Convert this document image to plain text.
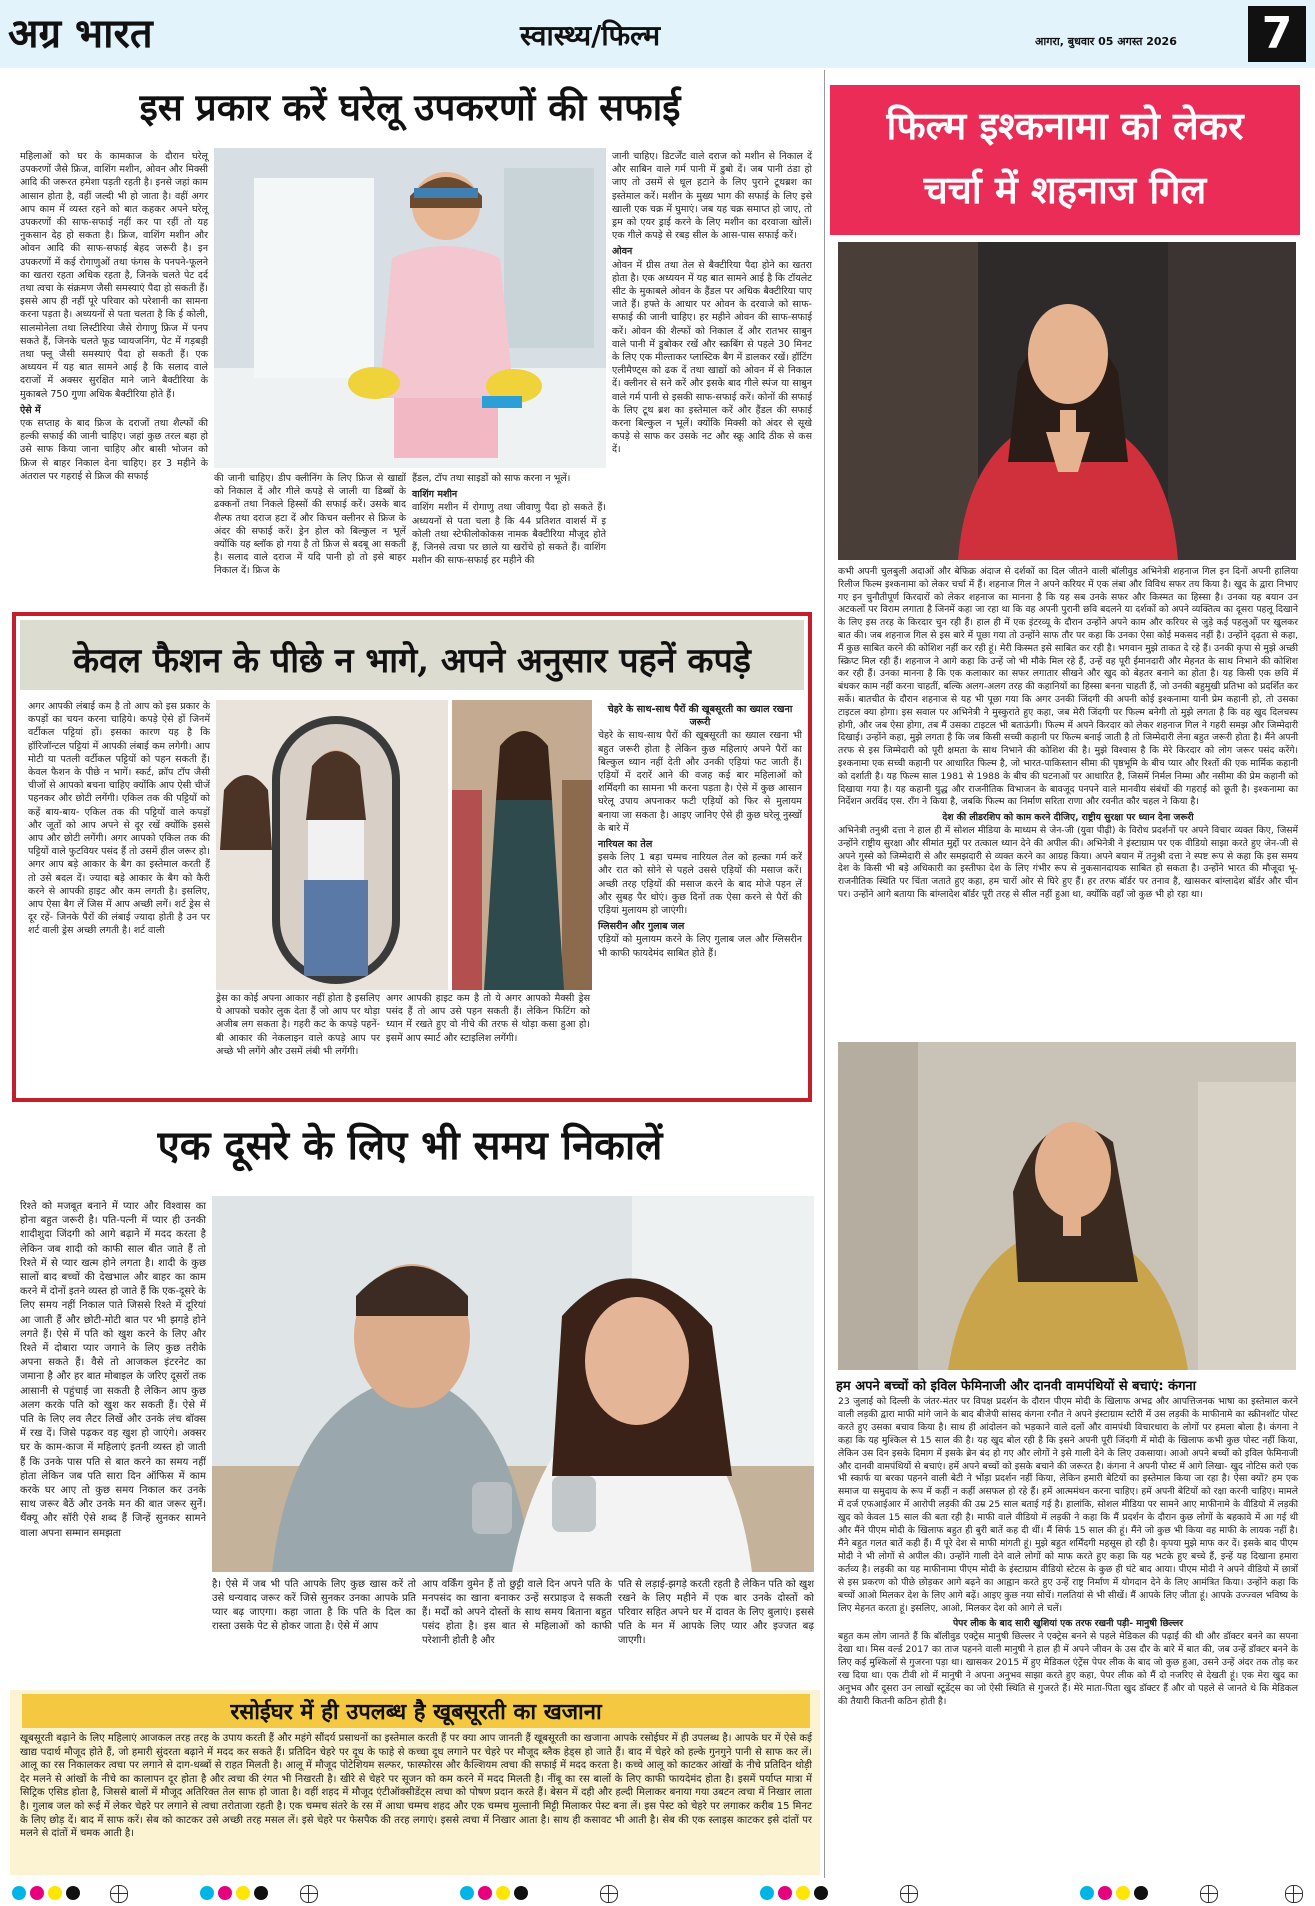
अग्र भारत	स्वास्थ्य/फिल्म	आगरा, बुधवार 05 अगस्त 2026	7
इस प्रकार करें घरेलू उपकरणों की सफाई
महिलाओं को घर के कामकाज के दौरान घरेलू उपकरणों जैसे फ्रिज, वाशिंग मशीन, ओवन और मिक्सी आदि की जरूरत हमेशा पड़ती रहती है। इनसे जहां काम आसान होता है, वहीं जल्दी भी हो जाता है। वहीं अगर आप काम में व्यस्त रहने को बात कहकर अपने घरेलू उपकरणों की साफ-सफाई नहीं कर पा रहीं तो यह नुकसान देह हो सकता है। फ्रिज, वाशिंग मशीन और ओवन आदि की साफ-सफाई बेहद जरूरी है। इन उपकरणों में कई रोगाणुओं तथा फंगस के पनपने-फूलने का खतरा रहता अधिक रहता है, जिनके चलते पेट दर्द तथा त्वचा के संक्रमण जैसी समस्याएं पैदा हो सकती हैं। इससे आप ही नहीं पूरे परिवार को परेशानी का सामना करना पड़ता है। अध्ययनों से पता चलता है कि ई कोली, सालमोनेला तथा लिस्टीरिया जैसे रोगाणु फ्रिज में पनप सकते हैं, जिनके चलते फूड प्वायजनिंग, पेट में गड़बड़ी तथा फ्लू जैसी समस्याएं पैदा हो सकती हैं। एक अध्ययन में यह बात सामने आई है कि सलाद वाले दराजों में अक्सर सुरक्षित माने जाने बैक्टीरिया के मुकाबले 750 गुणा अधिक बैक्टीरिया होते हैं।
ऐसे में
एक सप्ताह के बाद फ्रिज के दराजों तथा शैल्फों की हल्की सफाई की जानी चाहिए। जहां कुछ तरल बहा हो उसे साफ किया जाना चाहिए और बासी भोजन को फ्रिज से बाहर निकाल देना चाहिए। हर 3 महीने के अंतराल पर गहराई से फ्रिज की सफाई	की जानी चाहिए। डीप क्लीनिंग के लिए फ्रिज से खाद्यों को निकाल दें और गीले कपड़े से जाली या डिब्बों के ढक्कनों तथा निकले हिस्सों की सफाई करें। उसके बाद शैल्फ तथा दराज हटा दें और किचन क्लीनर से फ्रिज के अंदर की सफाई करें। ड्रेन होल को बिल्कुल न भूलें क्योंकि यह ब्लॉक हो गया है तो फ्रिज से बदबू आ सकती है। सलाद वाले दराज में यदि पानी हो तो इसे बाहर निकाल दें। फ्रिज के
हैंडल, टॉप तथा साइडों को साफ करना न भूलें।
वाशिंग मशीन
वाशिंग मशीन में रोगाणु तथा जीवाणु पैदा हो सकते हैं। अध्ययनों से पता चला है कि 44 प्रतिशत वाशर्स में इ कोली तथा स्टेफीलोकोकस नामक बैक्टीरिया मौजूद होते हैं, जिनसे त्वचा पर छाले या खरोंचे हो सकते हैं। वाशिंग मशीन की साफ-सफाई हर महीने की
जानी चाहिए। डिटर्जेंट वाले दराज को मशीन से निकाल दें और साबिन वाले गर्म पानी में डुबो दें। जब पानी ठंडा हो जाए तो उसमें से धूल हटाने के लिए पुराने टूथब्रश का इस्तेमाल करें। मशीन के मुख्य भाग की सफाई के लिए इसे खाली एक चक्र में घुमाएं। जब यह चक्र समाप्त हो जाए, तो ड्रम को एयर ड्राई करने के लिए मशीन का दरवाजा खोलें। एक गीले कपड़े से रबड़ सील के आस-पास सफाई करें।
ओवन
ओवन में ग्रीस तथा तेल से बैक्टीरिया पैदा होने का खतरा होता है। एक अध्ययन में यह बात सामने आई है कि टॉयलेट सीट के मुकाबले ओवन के हैंडल पर अधिक बैक्टीरिया पाए जाते हैं। हफ्ते के आधार पर ओवन के दरवाजे को साफ-सफाई की जानी चाहिए। हर महीने ओवन की साफ-सफाई करें। ओवन की शैल्फों को निकाल दें और रातभर साबुन वाले पानी में डुबोकर रखें और स्क्रबिंग से पहले 30 मिनट के लिए एक मील्ताकर प्लास्टिक बैग में डालकर रखें। हॉटिंग एलीमैण्ट्स को ढक दें तथा खाद्यों को ओवन में से निकाल दें। क्लीनर से सने करें और इसके बाद गीले स्पंज या साबुन वाले गर्म पानी से इसकी साफ-सफाई करें। कोनों की सफाई के लिए टूथ ब्रश का इस्तेमाल करें और हैंडल की सफाई करना बिल्कुल न भूलें। क्योंकि मिक्सी को अंदर से सूखे कपड़े से साफ कर उसके नट और स्क्रू आदि ठीक से कस दें।
फिल्म इश्कनामा को लेकर
चर्चा में शहनाज गिल
कभी अपनी चुलबुली अदाओं और बेफिक्र अंदाज से दर्शकों का दिल जीतने वाली बॉलीवुड अभिनेत्री शहनाज गिल इन दिनों अपनी हालिया रिलीज फिल्म इश्कनामा को लेकर चर्चा में हैं। शहनाज गिल ने अपने करियर में एक लंबा और विविध सफर तय किया है। खुद के द्वारा निभाए गए इन चुनौतीपूर्ण किरदारों को लेकर शहनाज का मानना है कि यह सब उनके सफर और किस्मत का हिस्सा है। उनका यह बयान उन अटकलों पर विराम लगाता है जिनमें कहा जा रहा था कि वह अपनी पुरानी छवि बदलने या दर्शकों को अपने व्यक्तित्व का दूसरा पहलू दिखाने के लिए इस तरह के किरदार चुन रही हैं। हाल ही में एक इंटरव्यू के दौरान उन्होंने अपने काम और करियर से जुड़े कई पहलुओं पर खुलकर बात की। जब शहनाज गिल से इस बारे में पूछा गया तो उन्होंने साफ तौर पर कहा कि उनका ऐसा कोई मकसद नहीं है। उन्होंने दृढ़ता से कहा, मैं कुछ साबित करने की कोशिश नहीं कर रही हूं। मेरी किस्मत इसे साबित कर रही है। भगवान मुझे ताकत दे रहे हैं। उनकी कृपा से मुझे अच्छी स्क्रिप्ट मिल रही हैं। शहनाज ने आगे कहा कि उन्हें जो भी मौके मिल रहे हैं, उन्हें वह पूरी ईमानदारी और मेहनत के साथ निभाने की कोशिश कर रही हैं। उनका मानना है कि एक कलाकार का सफर लगातार सीखने और खुद को बेहतर बनाने का होता है। यह किसी एक छवि में बंधकर काम नहीं करना चाहतीं, बल्कि अलग-अलग तरह की कहानियों का हिस्सा बनना चाहती हैं, जो उनकी बहुमुखी प्रतिभा को प्रदर्शित कर सकें। बातचीत के दौरान शहनाज से यह भी पूछा गया कि अगर उनकी जिंदगी की अपनी कोई इश्कनामा यानी प्रेम कहानी हो, तो उसका टाइटल क्या होगा। इस सवाल पर अभिनेत्री ने मुस्कुराते हुए कहा, जब मेरी जिंदगी पर फिल्म बनेगी तो मुझे लगता है कि वह खुद दिलचस्प होगी, और जब ऐसा होगा, तब मैं उसका टाइटल भी बताऊंगी। फिल्म में अपने किरदार को लेकर शहनाज गिल ने गहरी समझ और जिम्मेदारी दिखाई। उन्होंने कहा, मुझे लगता है कि जब किसी सच्ची कहानी पर फिल्म बनाई जाती है तो जिम्मेदारी लेना बहुत जरूरी होता है। मैंने अपनी तरफ से इस जिम्मेदारी को पूरी क्षमता के साथ निभाने की कोशिश की है। मुझे विश्वास है कि मेरे किरदार को लोग जरूर पसंद करेंगे। इश्कनामा एक सच्ची कहानी पर आधारित फिल्म है, जो भारत-पाकिस्तान सीमा की पृष्ठभूमि के बीच प्यार और रिश्तों की एक मार्मिक कहानी को दर्शाती है। यह फिल्म साल 1981 से 1988 के बीच की घटनाओं पर आधारित है, जिसमें निर्मल निम्मा और नसीमा की प्रेम कहानी को दिखाया गया है। यह कहानी युद्ध और राजनीतिक विभाजन के बावजूद पनपने वाले मानवीय संबंधों की गहराई को छूती है। इश्कनामा का निर्देशन अरविंद एस. राँग ने किया है, जबकि फिल्म का निर्माण सरिता राणा और रवनीत कौर चहल ने किया है।
देश की लीडरशिप को काम करने दीजिए, राष्ट्रीय सुरक्षा पर ध्यान देना जरूरी
अभिनेत्री तनुश्री दत्ता ने हाल ही में सोशल मीडिया के माध्यम से जेन-जी (युवा पीढ़ी) के विरोध प्रदर्शनों पर अपने विचार व्यक्त किए, जिसमें उन्होंने राष्ट्रीय सुरक्षा और सीमांत मुद्दों पर तत्काल ध्यान देने की अपील की। अभिनेत्री ने इंस्टाग्राम पर एक वीडियो साझा करते हुए जेन-जी से अपने गुस्से को जिम्मेदारी से और समझदारी से व्यक्त करने का आग्रह किया। अपने बयान में तनुश्री दत्ता ने स्पष्ट रूप से कहा कि इस समय देश के किसी भी बड़े अधिकारी का इस्तीफा देश के लिए गंभीर रूप से नुकसानदायक साबित हो सकता है। उन्होंने भारत की मौजूदा भू-राजनीतिक स्थिति पर चिंता जताते हुए कहा, हम चारों ओर से घिरे हुए हैं। हर तरफ बॉर्डर पर तनाव है, खासकर बांग्लादेश बॉर्डर और चीन पर। उन्होंने आगे बताया कि बांग्लादेश बॉर्डर पूरी तरह से सील नहीं हुआ था, क्योंकि वहाँ जो कुछ भी हो रहा था।
हम अपने बच्चों को इविल फेमिनाजी और दानवी वामपंथियों से बचाएं: कंगना
23 जुलाई को दिल्ली के जंतर-मंतर पर विपक्ष प्रदर्शन के दौरान पीएम मोदी के खिलाफ अभद्र और आपत्तिजनक भाषा का इस्तेमाल करने वाली लड़की द्वारा माफी मांगे जाने के बाद बीजेपी सांसद कंगना रनौत ने अपने इंस्टाग्राम स्टोरी में उस लड़की के माफीनामे का स्क्रीनशॉट पोस्ट करते हुए उसका बचाव किया है। साथ ही आंदोलन को भड़काने वाले दलों और वामपंथी विचारधारा के लोगों पर हमला बोला है। कंगना ने कहा कि यह मुश्किल से 15 साल की है। यह खुद बोल रही है कि इसने अपनी पूरी जिंदगी में मोदी के खिलाफ कभी कुछ पोस्ट नहीं किया, लेकिन उस दिन इसके दिमाग में इसके ब्रेन बंद हो गए और लोगों ने इसे गाली देने के लिए उकसाया। आओ अपने बच्चों को इविल फेमिनाजी और दानवी वामपंथियों से बचाएं। हमें अपने बच्चों को इसके बचाने की जरूरत है। कंगना ने अपनी पोस्ट में आगे लिखा- खुद नोटिस करो एक भी स्कार्फ या बरका पहनने वाली बेटी ने भोंड़ा प्रदर्शन नहीं किया, लेकिन हमारी बेटियों का इस्तेमाल किया जा रहा है। ऐसा क्यों? हम एक समाज या समुदाय के रूप में कहीं न कहीं असफल हो रहे हैं। हमें आत्ममंथन करना चाहिए। हमें अपनी बेटियों को रक्षा करनी चाहिए। मामले में दर्ज एफआईआर में आरोपी लड़की की उम्र 25 साल बताई गई है। हालांकि, सोशल मीडिया पर सामने आए माफीनामे के वीडियो में लड़की खुद को केवल 15 साल की बता रही है। माफी वाले वीडियो में लड़की ने कहा कि मैं प्रदर्शन के दौरान कुछ लोगों के बहकावे में आ गई थी और मैंने पीएम मोदी के खिलाफ बहुत ही बुरी बातें कह दी थीं। मैं सिर्फ 15 साल की हूं। मैंने जो कुछ भी किया वह माफी के लायक नहीं है। मैंने बहुत गलत बातें कही हैं। मैं पूरे देश से माफी मांगती हूं। मुझे बहुत शर्मिंदगी महसूस हो रही है। कृपया मुझे माफ कर दें। इसके बाद पीएम मोदी ने भी लोगों से अपील की। उन्होंने गाली देने वाले लोगों को माफ करते हुए कहा कि यह भटके हुए बच्चे हैं, इन्हें यह दिखाना हमारा कर्तव्य है। लड़की का यह माफीनामा पीएम मोदी के इंस्टाग्राम वीडियो स्टेटस के कुछ ही घंटे बाद आया। पीएम मोदी ने अपने वीडियो में छात्रों से इस प्रकरण को पीछे छोड़कर आगे बढ़ने का आह्वान करते हुए उन्हें राष्ट्र निर्माण में योगदान देने के लिए आमंत्रित किया। उन्होंने कहा कि बच्चों आओ मिलकर देश के लिए आगे बढ़ें। आइए कुछ नया सोचें। गलतियां से भी सीखें। मैं आपके लिए जीता हूं। आपके उज्ज्वल भविष्य के लिए मेहनत करता हूं। इसलिए, आओ, मिलकर देश को आगे ले चलें।
पेपर लीक के बाद सारी खुशियां एक तरफ रखनी पड़ी- मानुषी छिल्लर
बहुत कम लोग जानते हैं कि बॉलीवुड एक्ट्रेस मानुषी छिल्लर ने एक्ट्रेस बनने से पहले मेडिकल की पढ़ाई की थी और डॉक्टर बनने का सपना देखा था। मिस वर्ल्ड 2017 का ताज पहनने वाली मानुषी ने हाल ही में अपने जीवन के उस दौर के बारे में बात की, जब उन्हें डॉक्टर बनने के लिए कई मुश्किलों से गुजरना पड़ा था। खासकर 2015 में हुए मेडिकल एंट्रेंस पेपर लीक के बाद जो कुछ हुआ, उसने उन्हें अंदर तक तोड़ कर रख दिया था। एक टीवी शो में मानुषी ने अपना अनुभव साझा करते हुए कहा, पेपर लीक को मैं दो नजरिए से देखती हूं। एक मेरा खुद का अनुभव और दूसरा उन लाखों स्टूडेंट्स का जो ऐसी स्थिति से गुजरते हैं। मेरे माता-पिता खुद डॉक्टर हैं और वो पहले से जानते थे कि मेडिकल की तैयारी कितनी कठिन होती है।
केवल फैशन के पीछे न भागे, अपने अनुसार पहनें कपड़े
अगर आपकी लंबाई कम है तो आप को इस प्रकार के कपड़ों का चयन करना चाहिये। कपड़े ऐसे हों जिनमें वर्टीकल पट्टियां हों। इसका कारण यह है कि हॉरिजॉन्टल पट्टियां में आपकी लंबाई कम लगेगी। आप मोटी या पतली वर्टीकल पट्टियों को पहन सकती हैं। केवल फैशन के पीछे न भागें। स्कर्ट, क्रॉप टॉप जैसी चीजों से आपको बचना चाहिए क्योंकि आप ऐसी चीजें पहनकर और छोटी लगेंगी। एकिल तक की पट्टियों को कहें बाय-बाय- एकिल तक की पट्टियों वाले कपड़ों और जूतों को आप अपने से दूर रखें क्योंकि इससे आप और छोटी लगेंगी। अगर आपको एकिल तक की पट्टियों वाले फुटवियर पसंद हैं तो उसमें हील जरूर हो। अगर आप बड़े आकार के बैग का इस्तेमाल करती हैं तो उसे बदल दें। ज्यादा बड़े आकार के बैग को कैरी करने से आपकी हाइट और कम लगती है। इसलिए, आप ऐसा बैग लें जिस में आप अच्छी लगें। शर्ट ड्रेस से दूर रहें- जिनके पैरों की लंबाई ज्यादा होती है उन पर शर्ट वाली ड्रेस अच्छी लगती है। शर्ट वाली
ड्रेस का कोई अपना आकार नहीं होता है इसलिए ये आपको चकोर लुक देता हैं जो आप पर थोड़ा अजीब लग सकता है। गहरी कट के कपड़े पहनें- बी आकार की नेकलाइन वाले कपड़े आप पर अच्छे भी लगेंगे और उसमें लंबी भी लगेंगी।
अगर आपकी हाइट कम है तो ये अगर आपको मैक्सी ड्रेस पसंद हैं तो आप उसे पहन सकती हैं। लेकिन फिटिंग को ध्यान में रखते हुए वो नीचे की तरफ से थोड़ा कसा हुआ हो। इसमें आप स्मार्ट और स्टाइलिश लगेंगी।
चेहरे के साथ-साथ पैरों की खूबसूरती का ख्याल रखना जरूरी
चेहरे के साथ-साथ पैरों की खूबसूरती का ख्याल रखना भी बहुत जरूरी होता है लेकिन कुछ महिलाएं अपने पैरों का बिल्कुल ध्यान नहीं देती और उनकी एड़ियां फट जाती हैं। एड़ियों में दरारें आने की वजह कई बार महिलाओं को शर्मिंदगी का सामना भी करना पड़ता है। ऐसे में कुछ आसान घरेलू उपाय अपनाकर फटी एड़ियों को फिर से मुलायम बनाया जा सकता है। आइए जानिए ऐसे ही कुछ घरेलू नुस्खों के बारे में
नारियल का तेल
इसके लिए 1 बड़ा चम्मच नारियल तेल को हल्का गर्म करें और रात को सोने से पहले उससे एड़ियों की मसाज करें। अच्छी तरह एड़ियों की मसाज करने के बाद मोजे पहन लें और सुबह पैर धोएं। कुछ दिनों तक ऐसा करने से पैरों की एड़ियां मुलायम हो जाएंगी।
ग्लिसरीन और गुलाब जल
एड़ियों को मुलायम करने के लिए गुलाब जल और ग्लिसरीन भी काफी फायदेमंद साबित होते हैं।
एक दूसरे के लिए भी समय निकालें
रिश्ते को मजबूत बनाने में प्यार और विश्वास का होना बहुत जरूरी है। पति-पत्नी में प्यार ही उनकी शादीशुदा जिंदगी को आगे बढ़ाने में मदद करता है लेकिन जब शादी को काफी साल बीत जाते हैं तो रिश्ते में से प्यार खत्म होने लगता है। शादी के कुछ सालों बाद बच्चों की देखभाल और बाहर का काम करने में दोनों इतने व्यस्त हो जाते हैं कि एक-दूसरे के लिए समय नहीं निकाल पाते जिससे रिश्ते में दूरियां आ जाती हैं और छोटी-मोटी बात पर भी झगड़े होने लगते हैं। ऐसे में पति को खुश करने के लिए और रिश्ते में दोबारा प्यार जगाने के लिए कुछ तरीके अपना सकते हैं। वैसे तो आजकल इंटरनेट का जमाना है और हर बात मोबाइल के जरिए दूसरों तक आसानी से पहुंचाई जा सकती है लेकिन आप कुछ अलग करके पति को खुश कर सकती हैं। ऐसे में पति के लिए लव लैटर लिखें और उनके लंच बॉक्स में रख दें। जिसे पढ़कर वह खुश हो जाएंगे। अक्सर घर के काम-काज में महिलाएं इतनी व्यस्त हो जाती हैं कि उनके पास पति से बात करने का समय नहीं होता लेकिन जब पति सारा दिन ऑफिस में काम करके घर आए तो कुछ समय निकाल कर उनके साथ जरूर बैठें और उनके मन की बात जरूर सुनें। थैंक्यू और सॉरी ऐसे शब्द हैं जिन्हें सुनकर सामने वाला अपना सम्मान समझता
है। ऐसे में जब भी पति आपके लिए कुछ खास करें तो उसे धन्यवाद जरूर करें जिसे सुनकर उनका आपके प्रति प्यार बढ़ जाएगा। कहा जाता है कि पति के दिल का रास्ता उसके पेट से होकर जाता है। ऐसे में आप
आप वर्किंग वुमेन हैं तो छुट्टी वाले दिन अपने पति के मनपसंद का खाना बनाकर उन्हें सरप्राइज दे सकती हैं। मर्दों को अपने दोस्तों के साथ समय बिताना बहुत पसंद होता है। इस बात से महिलाओं को काफी परेशानी होती है और
पति से लड़ाई-झगड़े करती रहती है लेकिन पति को खुश रखने के लिए महीने में एक बार उनके दोस्तों को परिवार सहित अपने घर में दावत के लिए बुलाएं। इससे पति के मन में आपके लिए प्यार और इज्जत बढ़ जाएगी।
रसोईघर में ही उपलब्ध है खूबसूरती का खजाना
खूबसूरती बढ़ाने के लिए महिलाएं आजकल तरह तरह के उपाय करती हैं और महंगे सौंदर्य प्रसाधनों का इस्तेमाल करती हैं पर क्या आप जानती हैं खूबसूरती का खजाना आपके रसोईघर में ही उपलब्ध है। आपके घर में ऐसे कई खाद्य पदार्थ मौजूद होते हैं, जो हमारी सुंदरता बढ़ाने में मदद कर सकते हैं। प्रतिदिन चेहरे पर दूध के फाहे से कच्चा दूध लगाने पर चेहरे पर मौजूद ब्लैक हेड्स हो जाते हैं। बाद में चेहरे को हल्के गुनगुने पानी से साफ कर लें। आलू का रस निकालकर त्वचा पर लगाने से दाग-धब्बों से राहत मिलती है। आलू में मौजूद पोटेशियम सल्फर, फास्फोरस और कैल्शियम त्वचा की सफाई में मदद करता है। कच्चे आलू को काटकर आंखों के नीचे प्रतिदिन थोड़ी देर मलने से आंखों के नीचे का कालापन दूर होता है और त्वचा की रंगत भी निखरती है। खीरे से चेहरे पर सूजन को कम करने में मदद मिलती है। नींबू का रस बालों के लिए काफी फायदेमंद होता है। इसमें पर्याप्त मात्रा में सिट्रिक एसिड होता है, जिससे बालों में मौजूद अतिरिक्त तेल साफ हो जाता है। वहीं शहद में मौजूद एंटीऑक्सीडेंट्स त्वचा को पोषण प्रदान करते हैं। बेसन में दही और हल्दी मिलाकर बनाया गया उबटन त्वचा में निखार लाता है। गुलाब जल को रूई में लेकर चेहरे पर लगाने से त्वचा तरोताजा रहती है। एक चम्मच संतरे के रस में आधा चम्मच शहद और एक चम्मच मुल्तानी मिट्टी मिलाकर पेस्ट बना लें। इस पेस्ट को चेहरे पर लगाकर करीब 15 मिनट के लिए छोड़ दें। बाद में साफ करें। सेब को काटकर उसे अच्छी तरह मसल लें। इसे चेहरे पर फेसपैक की तरह लगाएं। इससे त्वचा में निखार आता है। साथ ही कसावट भी आती है। सेब की एक स्लाइस काटकर इसे दांतों पर मलने से दांतों में चमक आती है।
